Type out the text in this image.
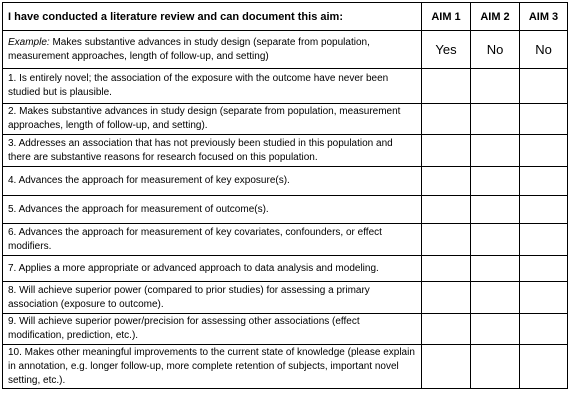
I have conducted a literature review and can document this aim:	AIM 1	AIM 2	AIM 3
Example: Makes substantive advances in study design (separate from population, measurement approaches, length of follow-up, and setting)	Yes	No	No
1. Is entirely novel; the association of the exposure with the outcome have never been studied but is plausible.			
2. Makes substantive advances in study design (separate from population, measurement approaches, length of follow-up, and setting).			
3. Addresses an association that has not previously been studied in this population and there are substantive reasons for research focused on this population.			
4. Advances the approach for measurement of key exposure(s).			
5. Advances the approach for measurement of outcome(s).			
6. Advances the approach for measurement of key covariates, confounders, or effect modifiers.			
7. Applies a more appropriate or advanced approach to data analysis and modeling.			
8. Will achieve superior power (compared to prior studies) for assessing a primary association (exposure to outcome).			
9. Will achieve superior power/precision for assessing other associations (effect modification, prediction, etc.).			
10. Makes other meaningful improvements to the current state of knowledge (please explain in annotation, e.g. longer follow-up, more complete retention of subjects, important novel setting, etc.).			
